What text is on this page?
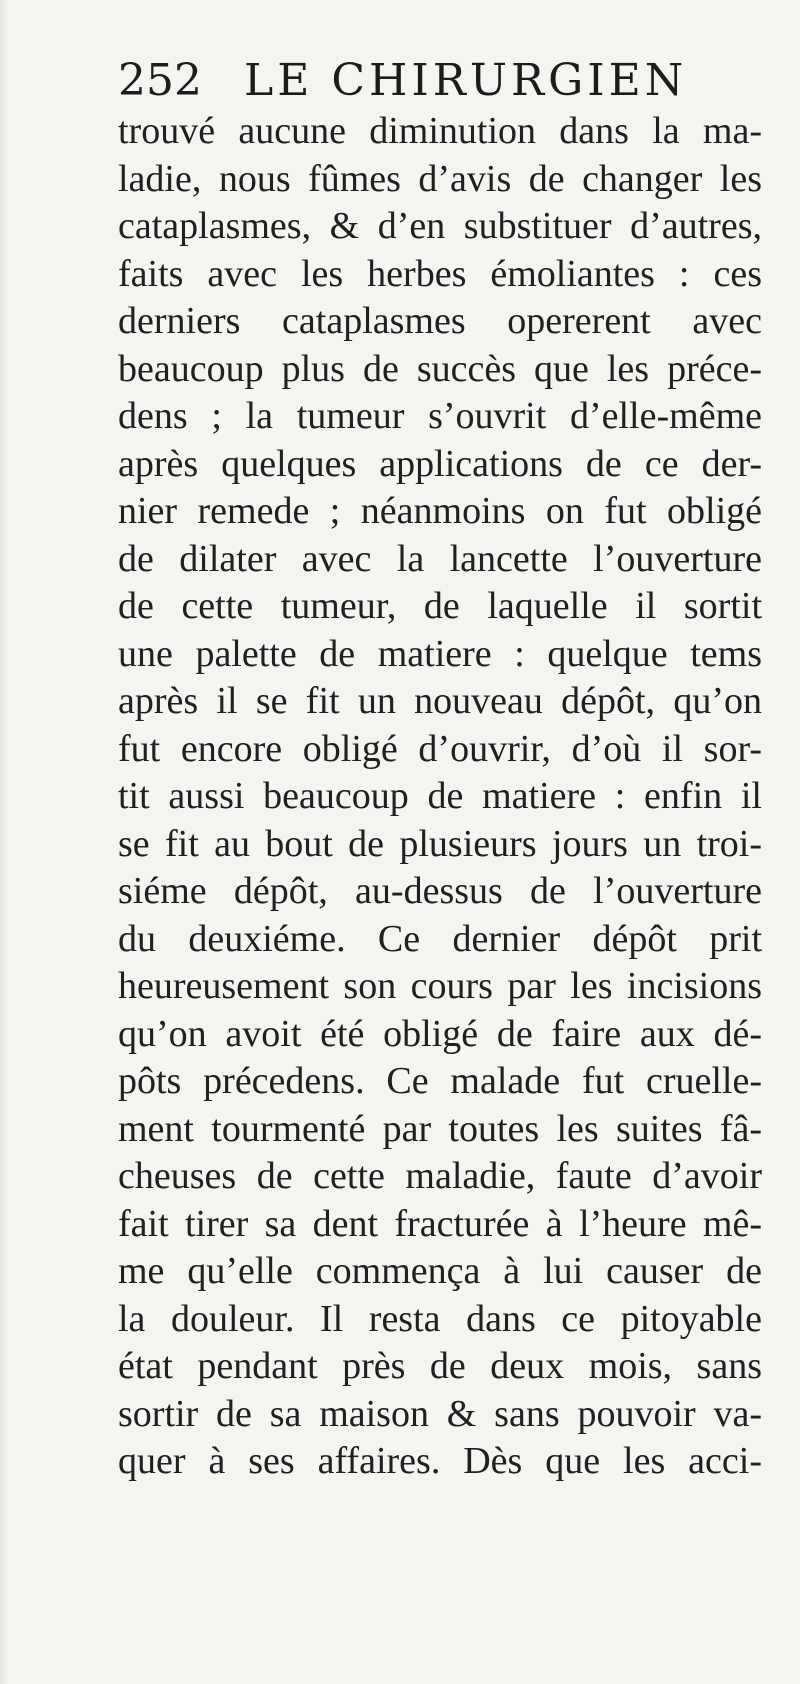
252 LE CHIRURGIEN
trouvé aucune diminution dans la ma-
ladie, nous fûmes d’avis de changer les
cataplasmes, & d’en substituer d’autres,
faits avec les herbes émoliantes : ces
derniers cataplasmes opererent avec
beaucoup plus de succès que les préce-
dens ; la tumeur s’ouvrit d’elle-même
après quelques applications de ce der-
nier remede ; néanmoins on fut obligé
de dilater avec la lancette l’ouverture
de cette tumeur, de laquelle il sortit
une palette de matiere : quelque tems
après il se fit un nouveau dépôt, qu’on
fut encore obligé d’ouvrir, d’où il sor-
tit aussi beaucoup de matiere : enfin il
se fit au bout de plusieurs jours un troi-
siéme dépôt, au-dessus de l’ouverture
du deuxiéme. Ce dernier dépôt prit
heureusement son cours par les incisions
qu’on avoit été obligé de faire aux dé-
pôts précedens. Ce malade fut cruelle-
ment tourmenté par toutes les suites fâ-
cheuses de cette maladie, faute d’avoir
fait tirer sa dent fracturée à l’heure mê-
me qu’elle commença à lui causer de
la douleur. Il resta dans ce pitoyable
état pendant près de deux mois, sans
sortir de sa maison & sans pouvoir va-
quer à ses affaires. Dès que les acci-
